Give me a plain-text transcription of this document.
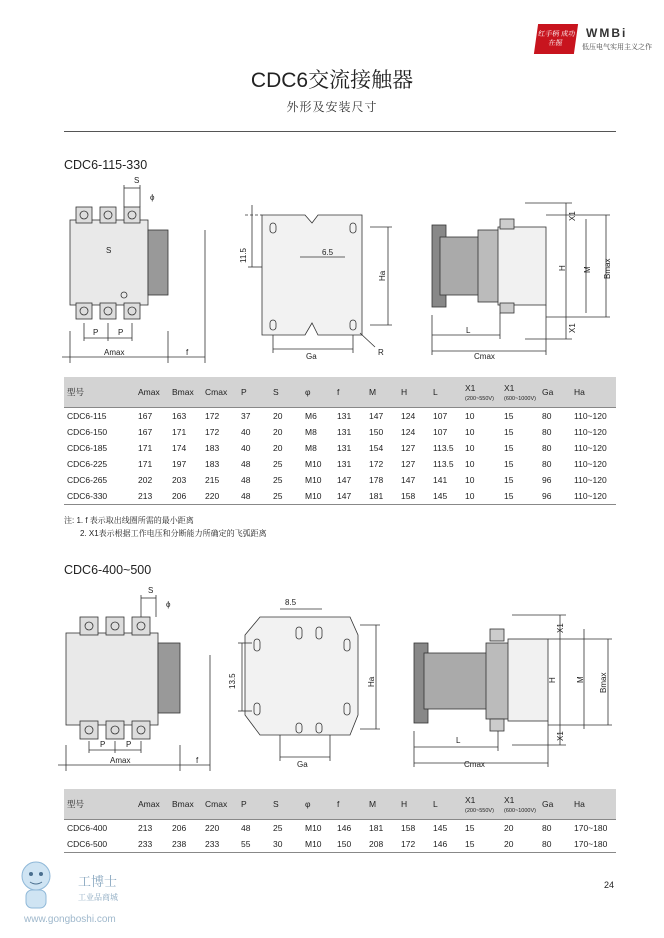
红手柄 成功在握
WMBi
低压电气实用主义之作
CDC6交流接触器
外形及安装尺寸
CDC6-115-330
S
ϕ
S
P P
Amax	f
11.5	6.5
Ga
Ha
R
X1
H M Bmax
X1
L
Cmax
型号	Amax	Bmax	Cmax	P	S	φ	f	M	H	L	X1
(200~550V)	X1
(600~1000V)	Ga	Ha
CDC6-115	167	163	172	37	20	M6	131	147	124	107	10	15	80	110~120
CDC6-150	167	171	172	40	20	M8	131	150	124	107	10	15	80	110~120
CDC6-185	171	174	183	40	20	M8	131	154	127	113.5	10	15	80	110~120
CDC6-225	171	197	183	48	25	M10	131	172	127	113.5	10	15	80	110~120
CDC6-265	202	203	215	48	25	M10	147	178	147	141	10	15	96	110~120
CDC6-330	213	206	220	48	25	M10	147	181	158	145	10	15	96	110~120
注: 1. f 表示取出线圈所需的最小距离
2. X1表示根据工作电压和分断能力所确定的飞弧距离
CDC6-400~500
S
ϕ
P	P
Amax	f
8.5
13.5
Ga
Ha
X1
H M Bmax
X1
L
Cmax
型号	Amax	Bmax	Cmax	P	S	φ	f	M	H	L	X1
(200~550V)	X1
(600~1000V)	Ga	Ha
CDC6-400	213	206	220	48	25	M10	146	181	158	145	15	20	80	170~180
CDC6-500	233	238	233	55	30	M10	150	208	172	146	15	20	80	170~180
工博士
工业品商城
www.gongboshi.com
24
